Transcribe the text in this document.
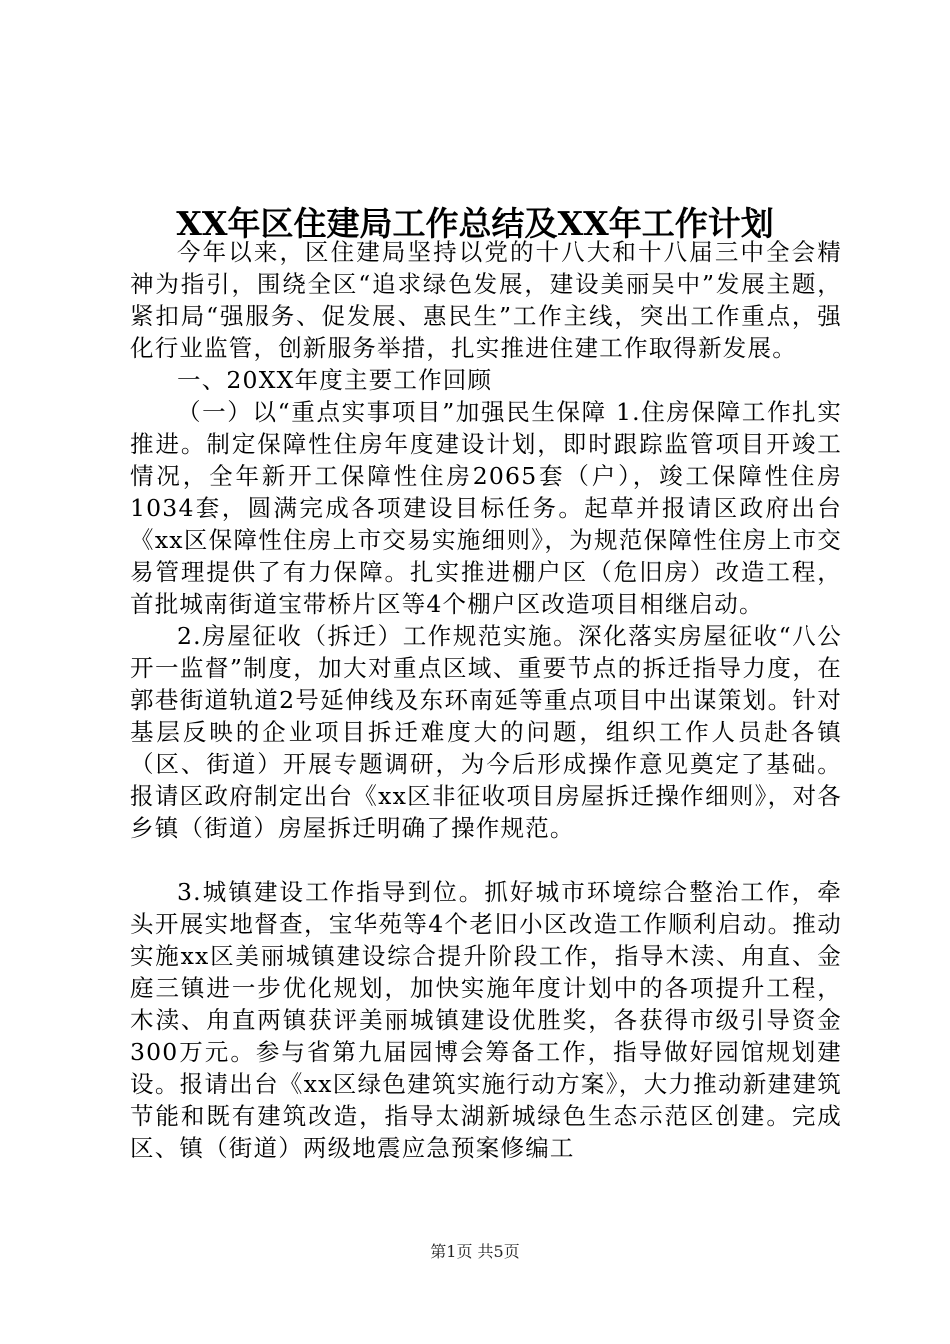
XX年区住建局工作总结及XX年工作计划

今年以来，区住建局坚持以党的十八大和十八届三中全会精神为指引，围绕全区“追求绿色发展，建设美丽吴中”发展主题，紧扣局“强服务、促发展、惠民生”工作主线，突出工作重点，强化行业监管，创新服务举措，扎实推进住建工作取得新发展。

一、20XX年度主要工作回顾

（一）以“重点实事项目”加强民生保障 1.住房保障工作扎实推进。制定保障性住房年度建设计划，即时跟踪监管项目开竣工情况，全年新开工保障性住房2065套（户），竣工保障性住房1034套，圆满完成各项建设目标任务。起草并报请区政府出台《xx区保障性住房上市交易实施细则》，为规范保障性住房上市交易管理提供了有力保障。扎实推进棚户区（危旧房）改造工程，首批城南街道宝带桥片区等4个棚户区改造项目相继启动。

2.房屋征收（拆迁）工作规范实施。深化落实房屋征收“八公开一监督”制度，加大对重点区域、重要节点的拆迁指导力度，在郭巷街道轨道2号延伸线及东环南延等重点项目中出谋策划。针对基层反映的企业项目拆迁难度大的问题，组织工作人员赴各镇（区、街道）开展专题调研，为今后形成操作意见奠定了基础。报请区政府制定出台《xx区非征收项目房屋拆迁操作细则》，对各乡镇（街道）房屋拆迁明确了操作规范。

3.城镇建设工作指导到位。抓好城市环境综合整治工作，牵头开展实地督查，宝华苑等4个老旧小区改造工作顺利启动。推动实施xx区美丽城镇建设综合提升阶段工作，指导木渎、甪直、金庭三镇进一步优化规划，加快实施年度计划中的各项提升工程，木渎、甪直两镇获评美丽城镇建设优胜奖，各获得市级引导资金300万元。参与省第九届园博会筹备工作，指导做好园馆规划建设。报请出台《xx区绿色建筑实施行动方案》，大力推动新建建筑节能和既有建筑改造，指导太湖新城绿色生态示范区创建。完成区、镇（街道）两级地震应急预案修编工

第1页 共5页
